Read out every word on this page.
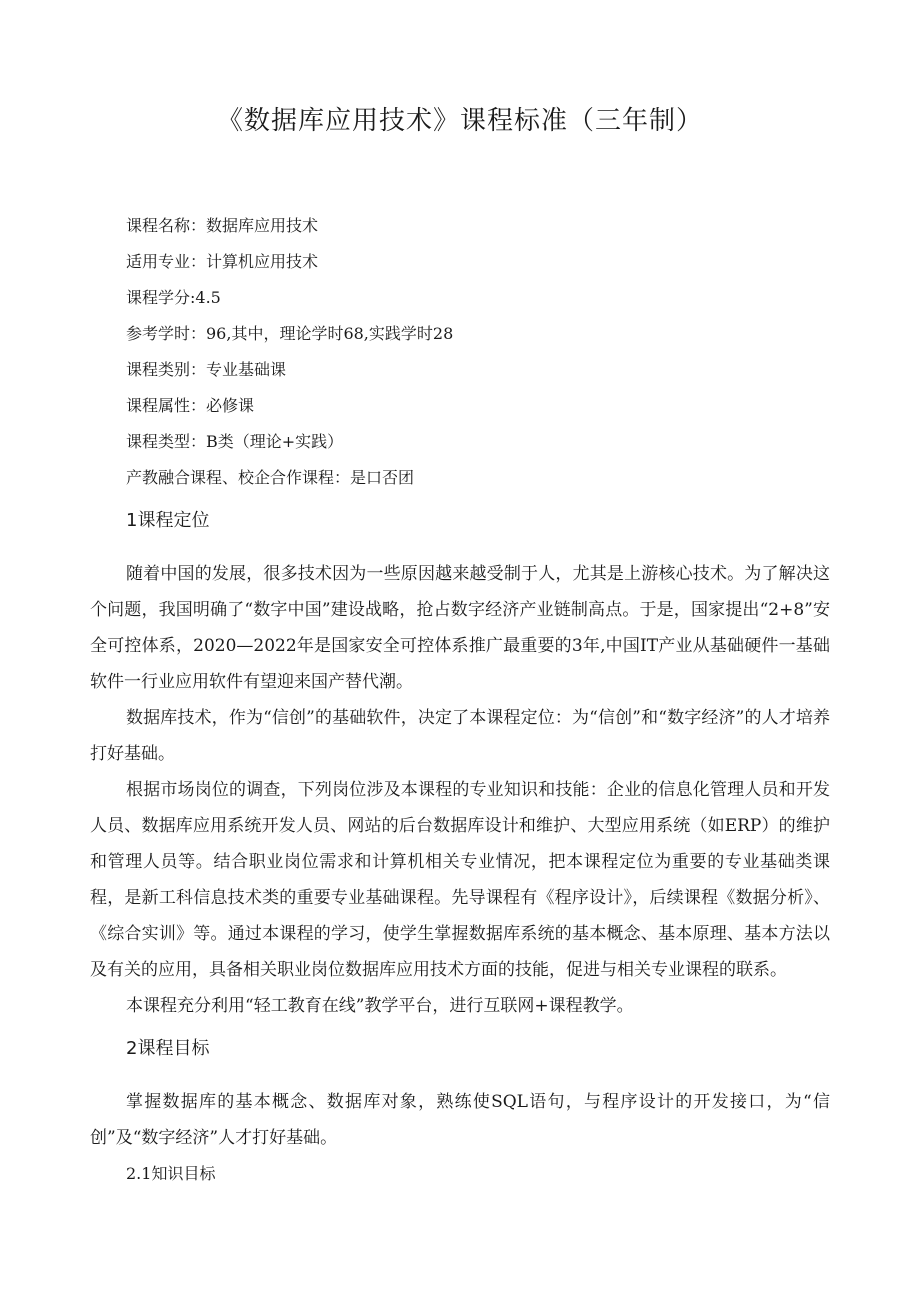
《数据库应用技术》课程标准（三年制）
课程名称：数据库应用技术
适用专业：计算机应用技术
课程学分:4.5
参考学时：96,其中，理论学时68,实践学时28
课程类别：专业基础课
课程属性：必修课
课程类型：B类（理论+实践）
产教融合课程、校企合作课程：是口否团
1课程定位

随着中国的发展，很多技术因为一些原因越来越受制于人，尤其是上游核心技术。为了解决这个问题，我国明确了“数字中国”建设战略，抢占数字经济产业链制高点。于是，国家提出“2+8”安全可控体系，2020—2022年是国家安全可控体系推广最重要的3年,中国IT产业从基础硬件一基础软件一行业应用软件有望迎来国产替代潮。

数据库技术，作为“信创”的基础软件，决定了本课程定位：为“信创”和“数字经济”的人才培养打好基础。

根据市场岗位的调查，下列岗位涉及本课程的专业知识和技能：企业的信息化管理人员和开发人员、数据库应用系统开发人员、网站的后台数据库设计和维护、大型应用系统（如ERP）的维护和管理人员等。结合职业岗位需求和计算机相关专业情况，把本课程定位为重要的专业基础类课程，是新工科信息技术类的重要专业基础课程。先导课程有《程序设计》，后续课程《数据分析》、《综合实训》等。通过本课程的学习，使学生掌握数据库系统的基本概念、基本原理、基本方法以及有关的应用，具备相关职业岗位数据库应用技术方面的技能，促进与相关专业课程的联系。

本课程充分利用“轻工教育在线”教学平台，进行互联网+课程教学。

2课程目标

掌握数据库的基本概念、数据库对象，熟练使SQL语句，与程序设计的开发接口，为“信创”及“数字经济”人才打好基础。

2.1知识目标
